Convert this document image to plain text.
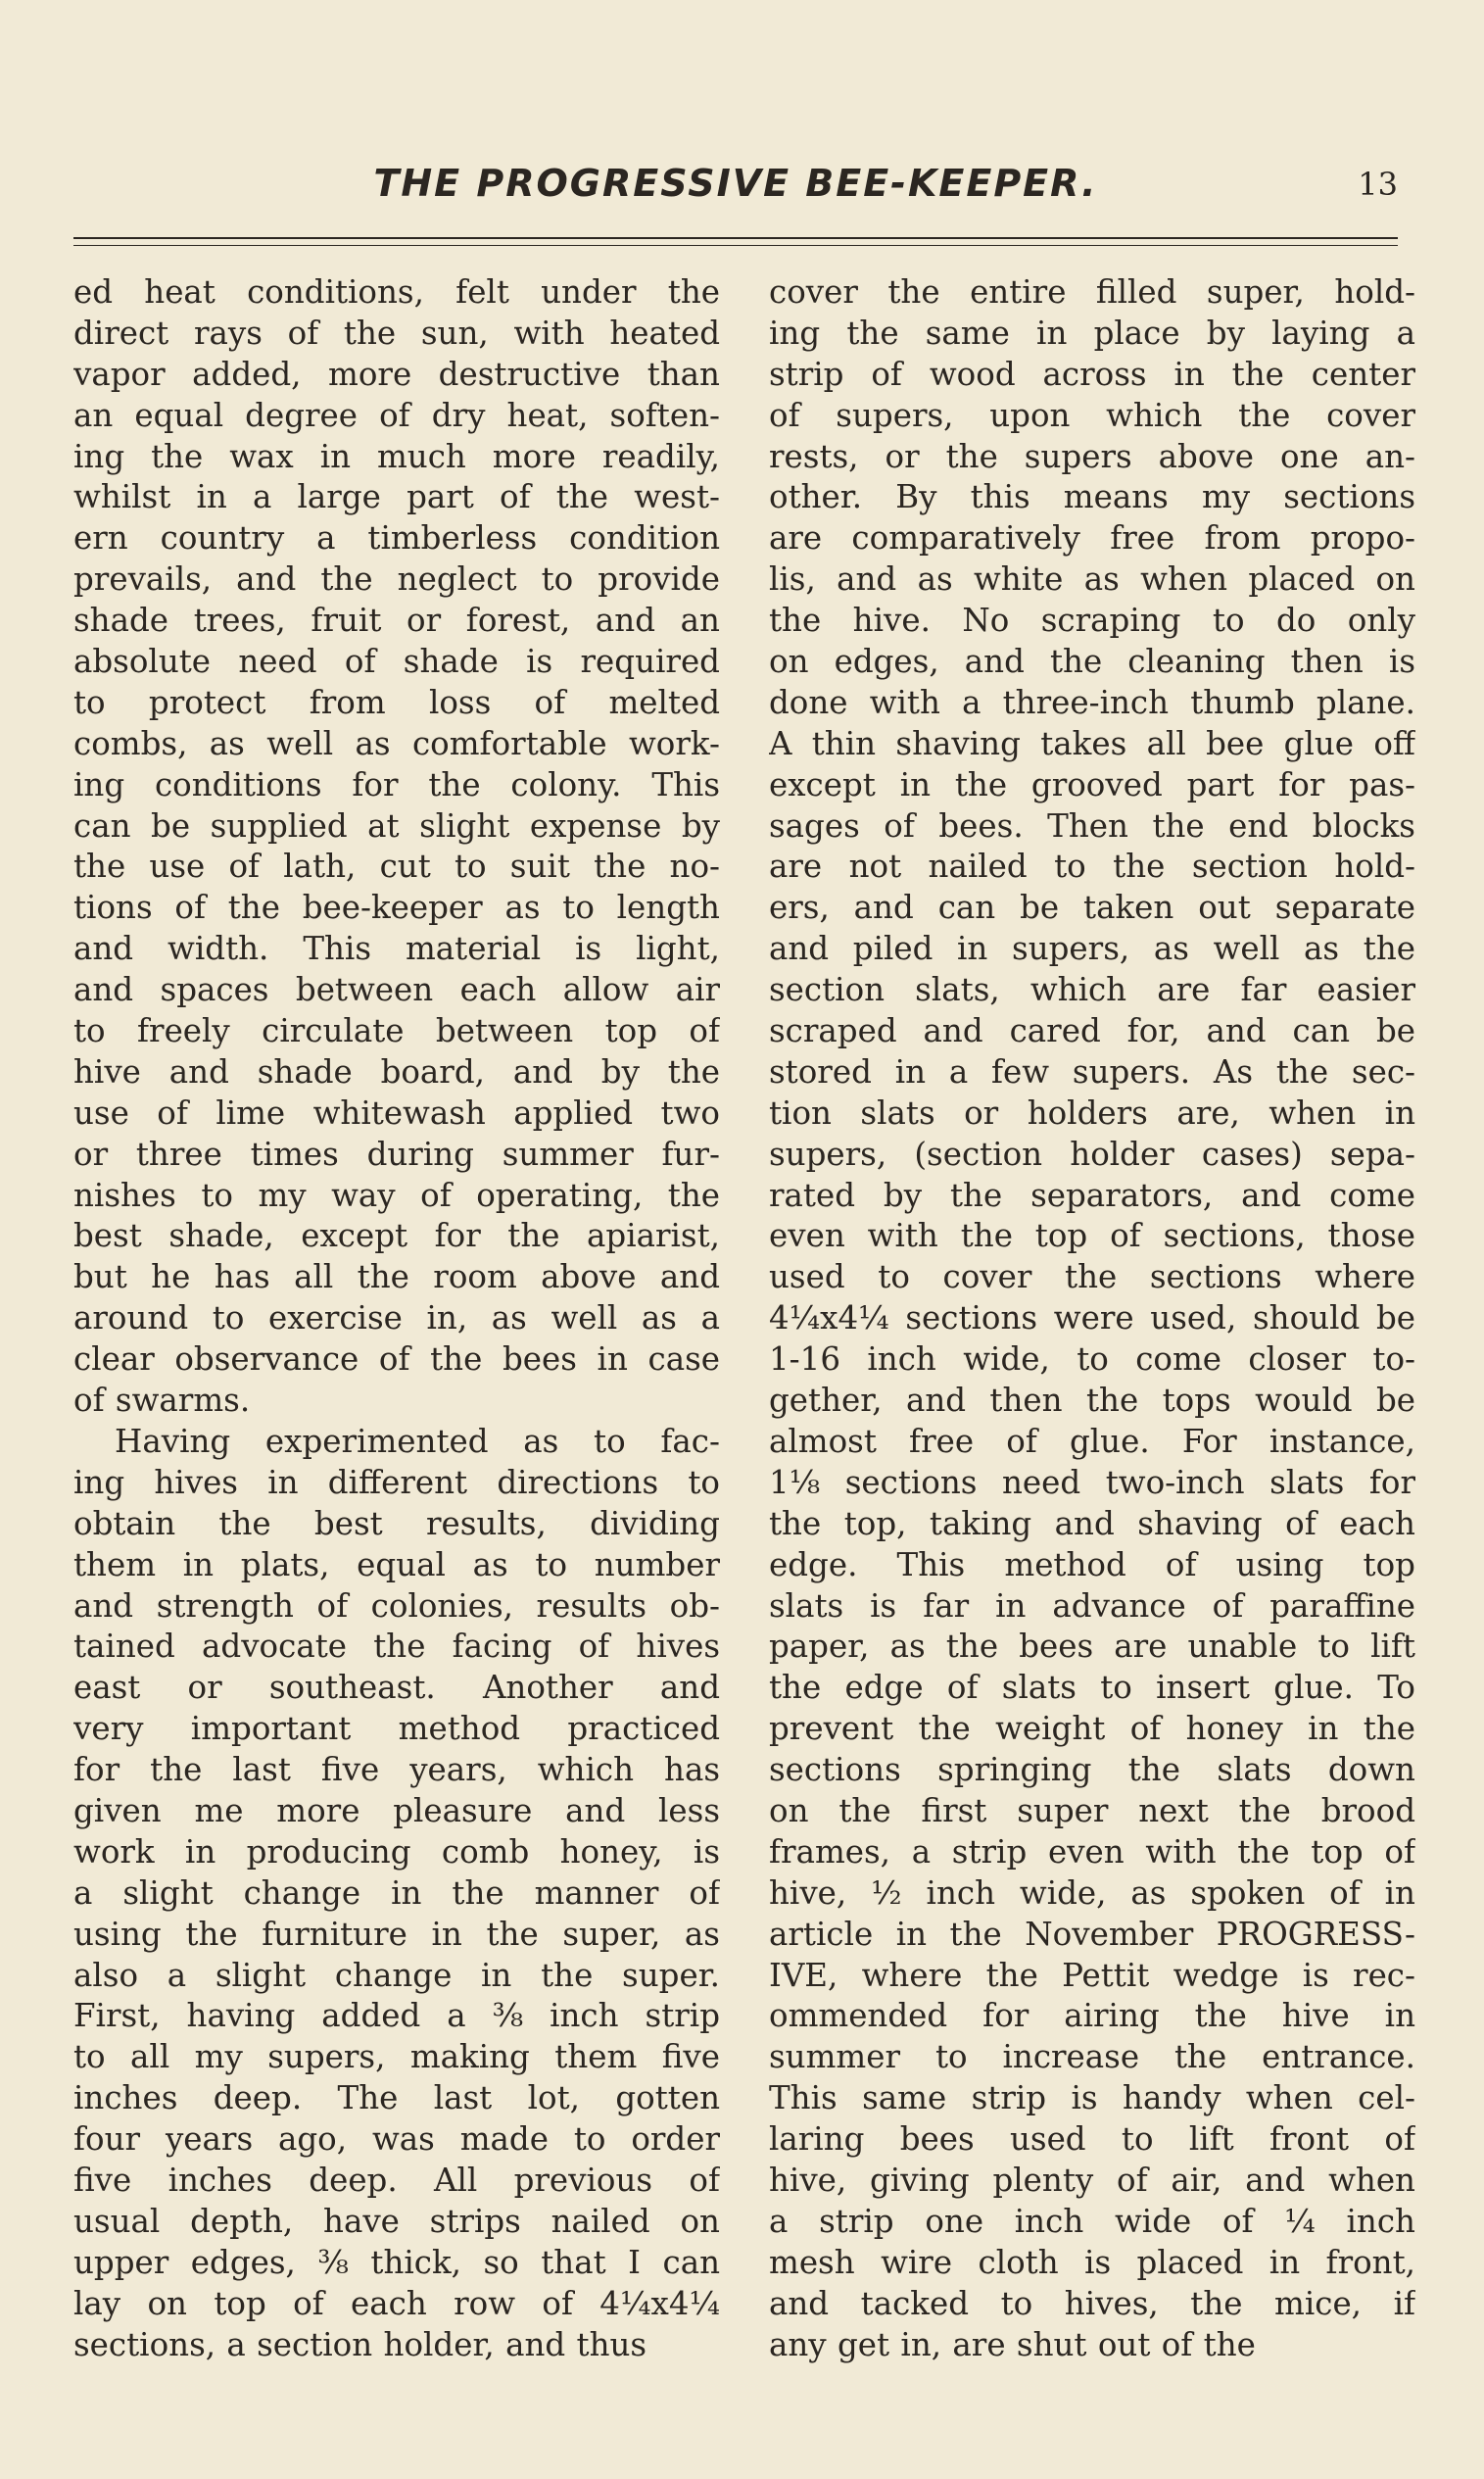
THE PROGRESSIVE BEE-KEEPER.	13
ed heat conditions, felt under the
direct rays of the sun, with heated
vapor added, more destructive than
an equal degree of dry heat, soften-
ing the wax in much more readily,
whilst in a large part of the west-
ern country a timberless condition
prevails, and the neglect to provide
shade trees, fruit or forest, and an
absolute need of shade is required
to protect from loss of melted
combs, as well as comfortable work-
ing conditions for the colony. This
can be supplied at slight expense by
the use of lath, cut to suit the no-
tions of the bee-keeper as to length
and width. This material is light,
and spaces between each allow air
to freely circulate between top of
hive and shade board, and by the
use of lime whitewash applied two
or three times during summer fur-
nishes to my way of operating, the
best shade, except for the apiarist,
but he has all the room above and
around to exercise in, as well as a
clear observance of the bees in case
of swarms.
Having experimented as to fac-
ing hives in different directions to
obtain the best results, dividing
them in plats, equal as to number
and strength of colonies, results ob-
tained advocate the facing of hives
east or southeast. Another and
very important method practiced
for the last five years, which has
given me more pleasure and less
work in producing comb honey, is
a slight change in the manner of
using the furniture in the super, as
also a slight change in the super.
First, having added a ⅜ inch strip
to all my supers, making them five
inches deep. The last lot, gotten
four years ago, was made to order
five inches deep. All previous of
usual depth, have strips nailed on
upper edges, ⅜ thick, so that I can
lay on top of each row of 4¼x4¼
sections, a section holder, and thus
cover the entire filled super, hold-
ing the same in place by laying a
strip of wood across in the center
of supers, upon which the cover
rests, or the supers above one an-
other. By this means my sections
are comparatively free from propo-
lis, and as white as when placed on
the hive. No scraping to do only
on edges, and the cleaning then is
done with a three-inch thumb plane.
A thin shaving takes all bee glue off
except in the grooved part for pas-
sages of bees. Then the end blocks
are not nailed to the section hold-
ers, and can be taken out separate
and piled in supers, as well as the
section slats, which are far easier
scraped and cared for, and can be
stored in a few supers. As the sec-
tion slats or holders are, when in
supers, (section holder cases) sepa-
rated by the separators, and come
even with the top of sections, those
used to cover the sections where
4¼x4¼ sections were used, should be
1-16 inch wide, to come closer to-
gether, and then the tops would be
almost free of glue. For instance,
1⅛ sections need two-inch slats for
the top, taking and shaving of each
edge. This method of using top
slats is far in advance of paraffine
paper, as the bees are unable to lift
the edge of slats to insert glue. To
prevent the weight of honey in the
sections springing the slats down
on the first super next the brood
frames, a strip even with the top of
hive, ½ inch wide, as spoken of in
article in the November PROGRESS-
IVE, where the Pettit wedge is rec-
ommended for airing the hive in
summer to increase the entrance.
This same strip is handy when cel-
laring bees used to lift front of
hive, giving plenty of air, and when
a strip one inch wide of ¼ inch
mesh wire cloth is placed in front,
and tacked to hives, the mice, if
any get in, are shut out of the
